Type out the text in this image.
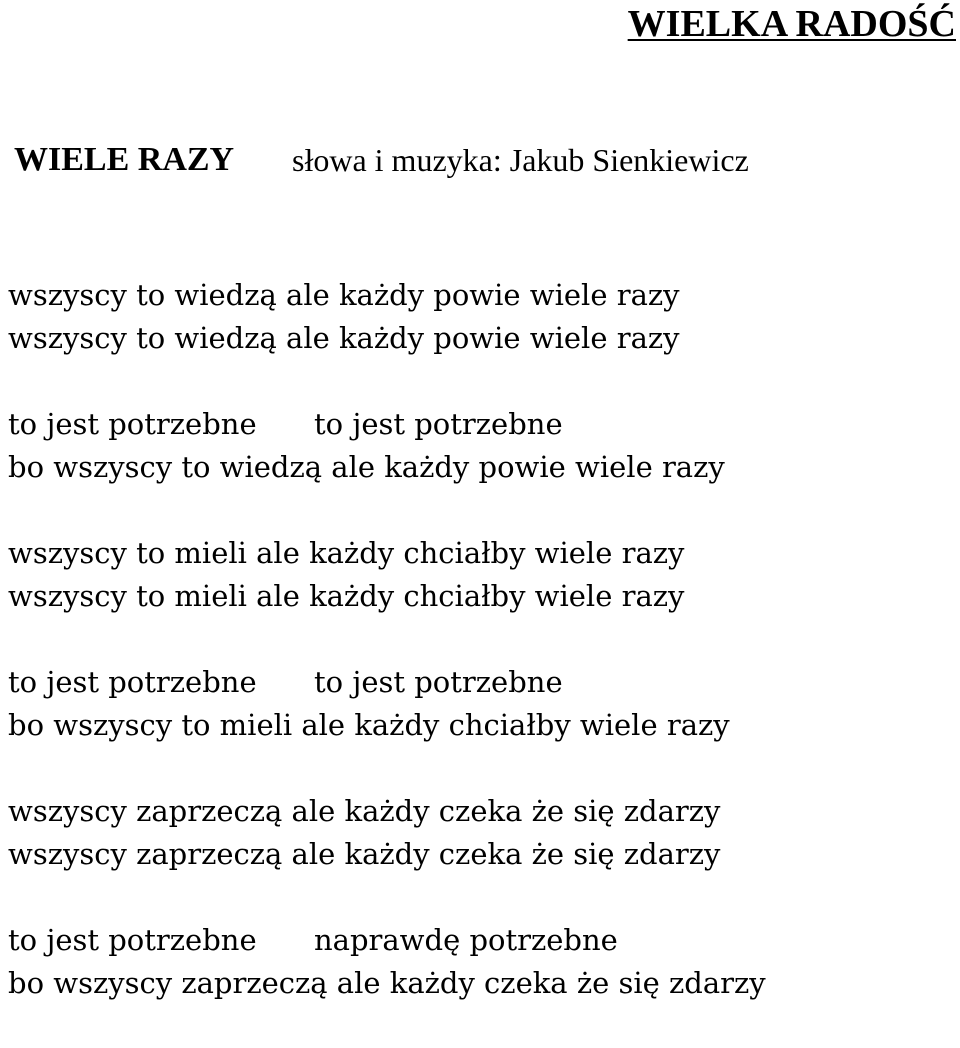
WIELKA RADOŚĆ
WIELE RAZY słowa i muzyka: Jakub Sienkiewicz

wszyscy to wiedzą ale każdy powie wiele razy
wszyscy to wiedzą ale każdy powie wiele razy
to jest potrzebne to jest potrzebne
bo wszyscy to wiedzą ale każdy powie wiele razy
wszyscy to mieli ale każdy chciałby wiele razy
wszyscy to mieli ale każdy chciałby wiele razy
to jest potrzebne to jest potrzebne
bo wszyscy to mieli ale każdy chciałby wiele razy
wszyscy zaprzeczą ale każdy czeka że się zdarzy
wszyscy zaprzeczą ale każdy czeka że się zdarzy
to jest potrzebne naprawdę potrzebne
bo wszyscy zaprzeczą ale każdy czeka że się zdarzy
